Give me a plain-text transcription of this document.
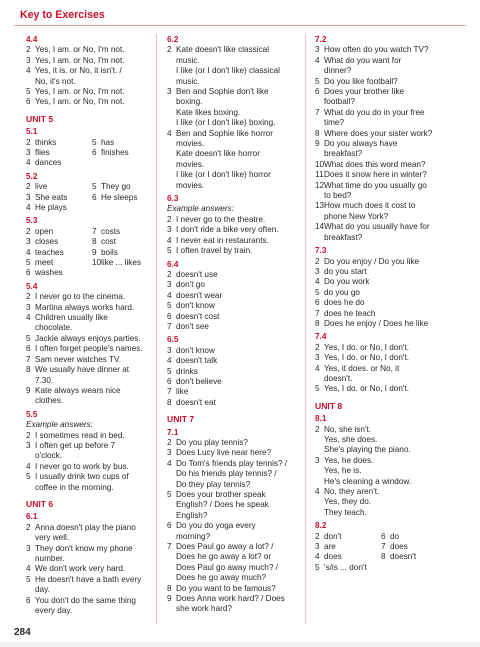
Key to Exercises
4.4
2 Yes, I am. or No, I'm not.
3 Yes, I am. or No, I'm not.
4 Yes, it is. or No, it isn't. /
No, it's not.
5 Yes, I am. or No, I'm not.
6 Yes, I am. or No, I'm not.
UNIT 5
5.1
2 thinks	5 has
3 flies	6 finishes
4 dances
5.2
2 live	5 They go
3 She eats	6 He sleeps
4 He plays
5.3
2 open	7 costs
3 closes	8 cost
4 teaches	9 boils
5 meet	10 like ... likes
6 washes
5.4
2 I never go to the cinema.
3 Martina always works hard.
4 Children usually like chocolate.
5 Jackie always enjoys parties.
6 I often forget people's names.
7 Sam never watches TV.
8 We usually have dinner at
7.30.
9 Kate always wears nice
clothes.
5.5
Example answers:
2 I sometimes read in bed.
3 I often get up before 7
o'clock.
4 I never go to work by bus.
5 I usually drink two cups of
coffee in the morning.
UNIT 6
6.1
2 Anna doesn't play the piano
very well.
3 They don't know my phone
number.
4 We don't work very hard.
5 He doesn't have a bath every
day.
6 You don't do the same thing
every day.
6.2
2 Kate doesn't like classical
music.
I like (or I don't like) classical
music.
3 Ben and Sophie don't like
boxing.
Kate likes boxing.
I like (or I don't like) boxing.
4 Ben and Sophie like horror
movies.
Kate doesn't like horror
movies.
I like (or I don't like) horror
movies.
6.3
Example answers:
2 I never go to the theatre.
3 I don't ride a bike very often.
4 I never eat in restaurants.
5 I often travel by train.
6.4
2 doesn't use
3 don't go
4 doesn't wear
5 don't know
6 doesn't cost
7 don't see
6.5
3 don't know
4 doesn't talk
5 drinks
6 don't believe
7 like
8 doesn't eat
UNIT 7
7.1
2 Do you play tennis?
3 Does Lucy live near here?
4 Do Tom's friends play tennis? /
Do his friends play tennis? /
Do they play tennis?
5 Does your brother speak
English? / Does he speak
English?
6 Do you do yoga every
morning?
7 Does Paul go away a lot? /
Does he go away a lot? or
Does Paul go away much? /
Does he go away much?
8 Do you want to be famous?
9 Does Anna work hard? / Does
she work hard?
7.2
3 How often do you watch TV?
4 What do you want for
dinner?
5 Do you like football?
6 Does your brother like
football?
7 What do you do in your free
time?
8 Where does your sister work?
9 Do you always have
breakfast?
10 What does this word mean?
11 Does it snow here in winter?
12 What time do you usually go
to bed?
13 How much does it cost to
phone New York?
14 What do you usually have for
breakfast?
7.3
2 Do you enjoy / Do you like
3 do you start
4 Do you work
5 do you go
6 does he do
7 does he teach
8 Does he enjoy / Does he like
7.4
2 Yes, I do. or No, I don't.
3 Yes, I do. or No, I don't.
4 Yes, it does. or No, it
doesn't.
5 Yes, I do. or No, I don't.
UNIT 8
8.1
2 No, she isn't.
Yes, she does.
She's playing the piano.
3 Yes, he does.
Yes, he is.
He's cleaning a window.
4 No, they aren't.
Yes, they do.
They teach.
8.2
2 don't	6 do
3 are	7 does
4 does	8 doesn't
5 's/is ... don't
284
